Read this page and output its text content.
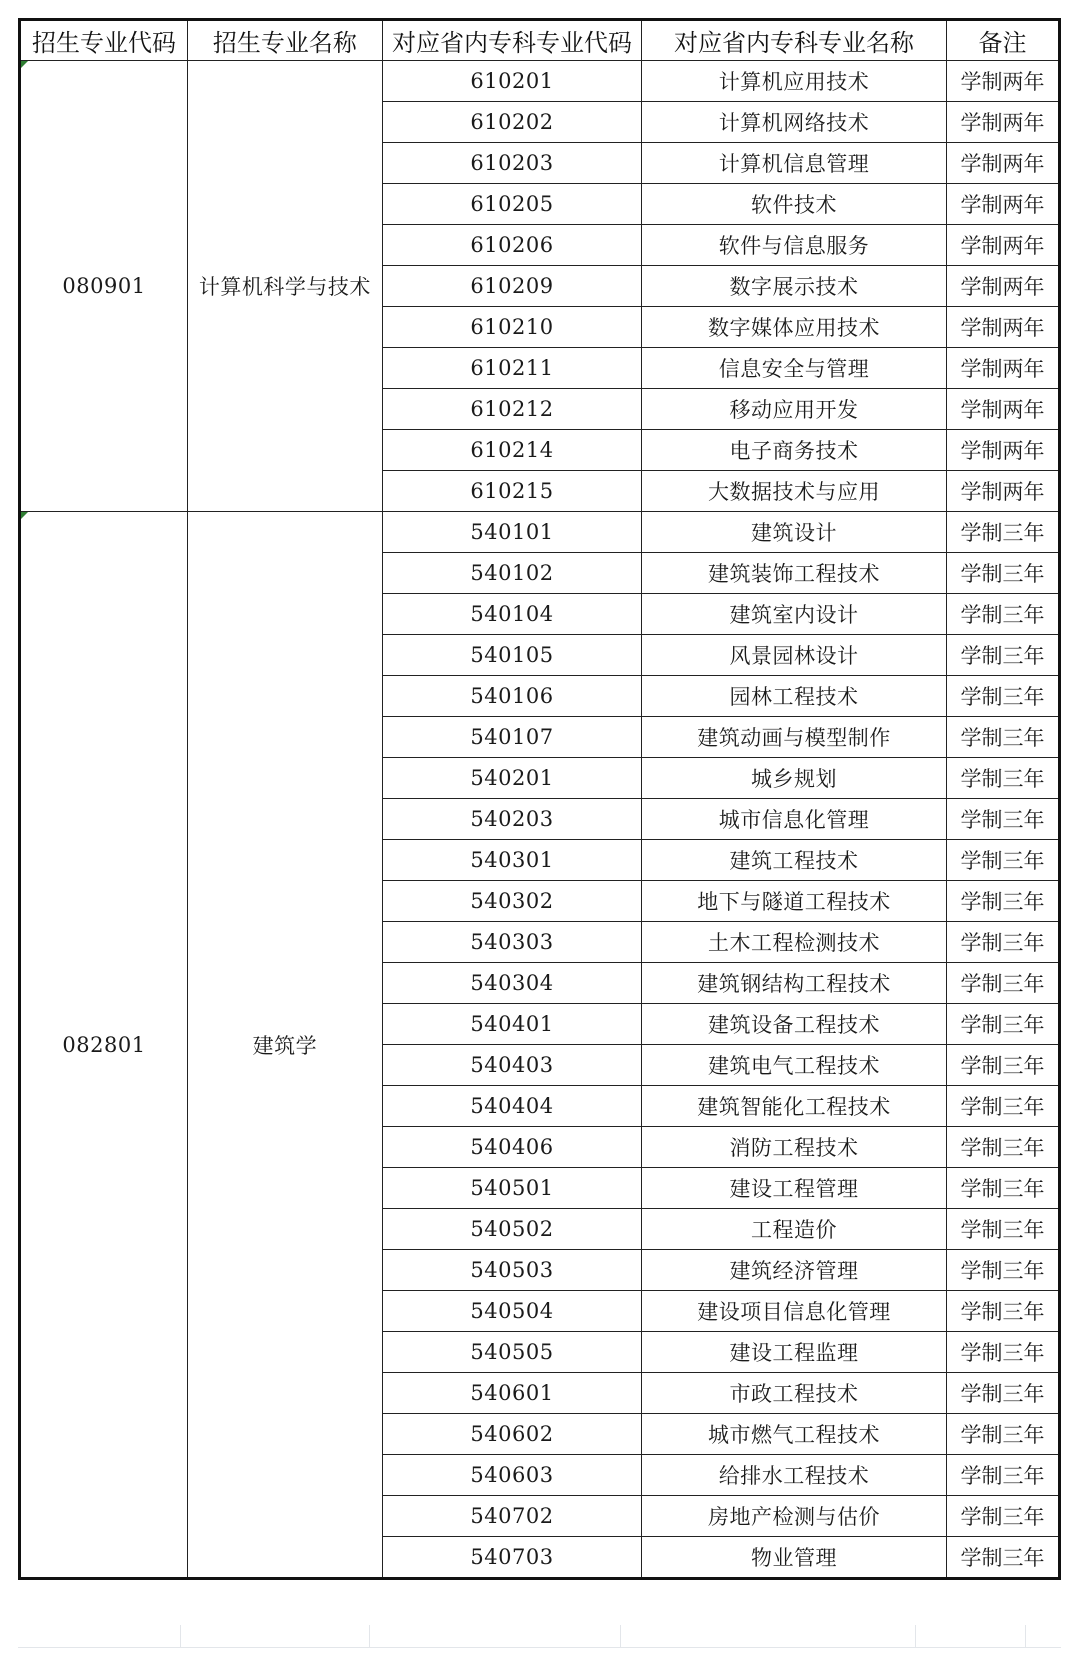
招生专业代码	招生专业名称	对应省内专科专业代码	对应省内专科专业名称	备注

080901	计算机科学与技术	610201	计算机应用技术	学制两年
		610202	计算机网络技术	学制两年
		610203	计算机信息管理	学制两年
		610205	软件技术	学制两年
		610206	软件与信息服务	学制两年
		610209	数字展示技术	学制两年
		610210	数字媒体应用技术	学制两年
		610211	信息安全与管理	学制两年
		610212	移动应用开发	学制两年
		610214	电子商务技术	学制两年
		610215	大数据技术与应用	学制两年

082801	建筑学	540101	建筑设计	学制三年
		540102	建筑装饰工程技术	学制三年
		540104	建筑室内设计	学制三年
		540105	风景园林设计	学制三年
		540106	园林工程技术	学制三年
		540107	建筑动画与模型制作	学制三年
		540201	城乡规划	学制三年
		540203	城市信息化管理	学制三年
		540301	建筑工程技术	学制三年
		540302	地下与隧道工程技术	学制三年
		540303	土木工程检测技术	学制三年
		540304	建筑钢结构工程技术	学制三年
		540401	建筑设备工程技术	学制三年
		540403	建筑电气工程技术	学制三年
		540404	建筑智能化工程技术	学制三年
		540406	消防工程技术	学制三年
		540501	建设工程管理	学制三年
		540502	工程造价	学制三年
		540503	建筑经济管理	学制三年
		540504	建设项目信息化管理	学制三年
		540505	建设工程监理	学制三年
		540601	市政工程技术	学制三年
		540602	城市燃气工程技术	学制三年
		540603	给排水工程技术	学制三年
		540702	房地产检测与估价	学制三年
		540703	物业管理	学制三年
